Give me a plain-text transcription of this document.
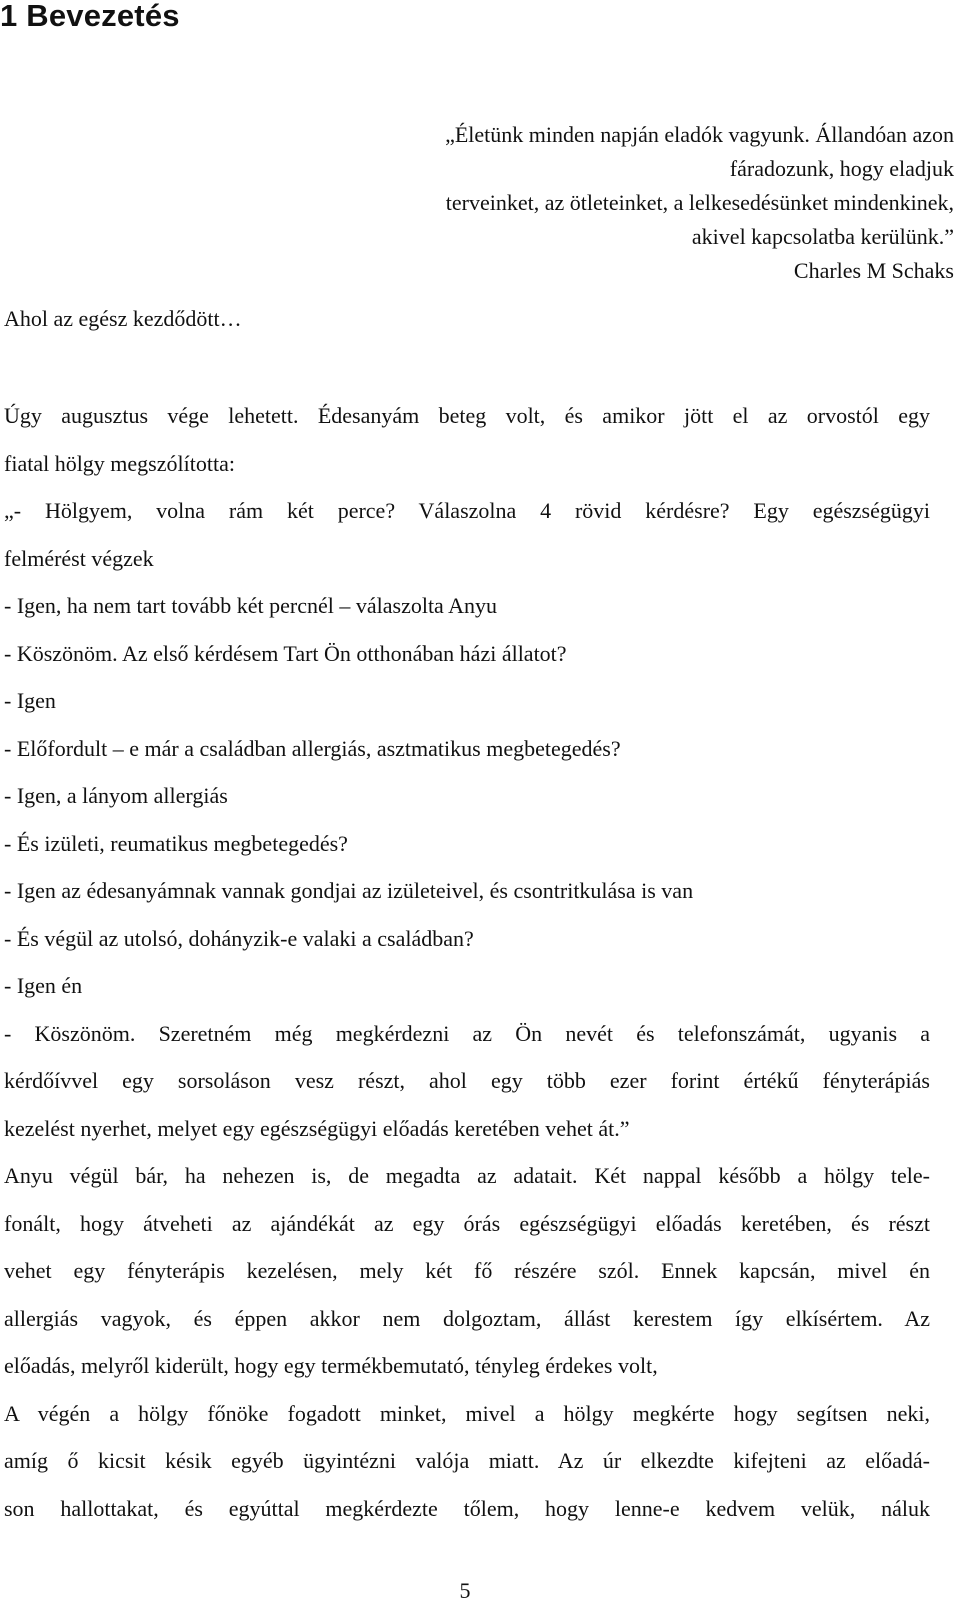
1 Bevezetés
„Életünk minden napján eladók vagyunk. Állandóan azon
fáradozunk, hogy eladjuk
terveinket, az ötleteinket, a lelkesedésünket mindenkinek,
akivel kapcsolatba kerülünk.”
Charles M Schaks
Ahol az egész kezdődött…
Úgy augusztus vége lehetett. Édesanyám beteg volt, és amikor jött el az orvostól egy
fiatal hölgy megszólította:
„- Hölgyem, volna rám két perce? Válaszolna 4 rövid kérdésre? Egy egészségügyi
felmérést végzek
- Igen, ha nem tart tovább két percnél – válaszolta Anyu
- Köszönöm. Az első kérdésem Tart Ön otthonában házi állatot?
- Igen
- Előfordult – e már a családban allergiás, asztmatikus megbetegedés?
- Igen, a lányom allergiás
- És izületi, reumatikus megbetegedés?
- Igen az édesanyámnak vannak gondjai az izületeivel, és csontritkulása is van
- És végül az utolsó, dohányzik-e valaki a családban?
- Igen én
- Köszönöm. Szeretném még megkérdezni az Ön nevét és telefonszámát, ugyanis a
kérdőívvel egy sorsoláson vesz részt, ahol egy több ezer forint értékű fényterápiás
kezelést nyerhet, melyet egy egészségügyi előadás keretében vehet át.”
Anyu végül bár, ha nehezen is, de megadta az adatait. Két nappal később a hölgy tele-
fonált, hogy átveheti az ajándékát az egy órás egészségügyi előadás keretében, és részt
vehet egy fényterápis kezelésen, mely két fő részére szól. Ennek kapcsán, mivel én
allergiás vagyok, és éppen akkor nem dolgoztam, állást kerestem így elkísértem. Az
előadás, melyről kiderült, hogy egy termékbemutató, tényleg érdekes volt,
A végén a hölgy főnöke fogadott minket, mivel a hölgy megkérte hogy segítsen neki,
amíg ő kicsit késik egyéb ügyintézni valója miatt. Az úr elkezdte kifejteni az előadá-
son hallottakat, és egyúttal megkérdezte tőlem, hogy lenne-e kedvem velük, náluk
5
